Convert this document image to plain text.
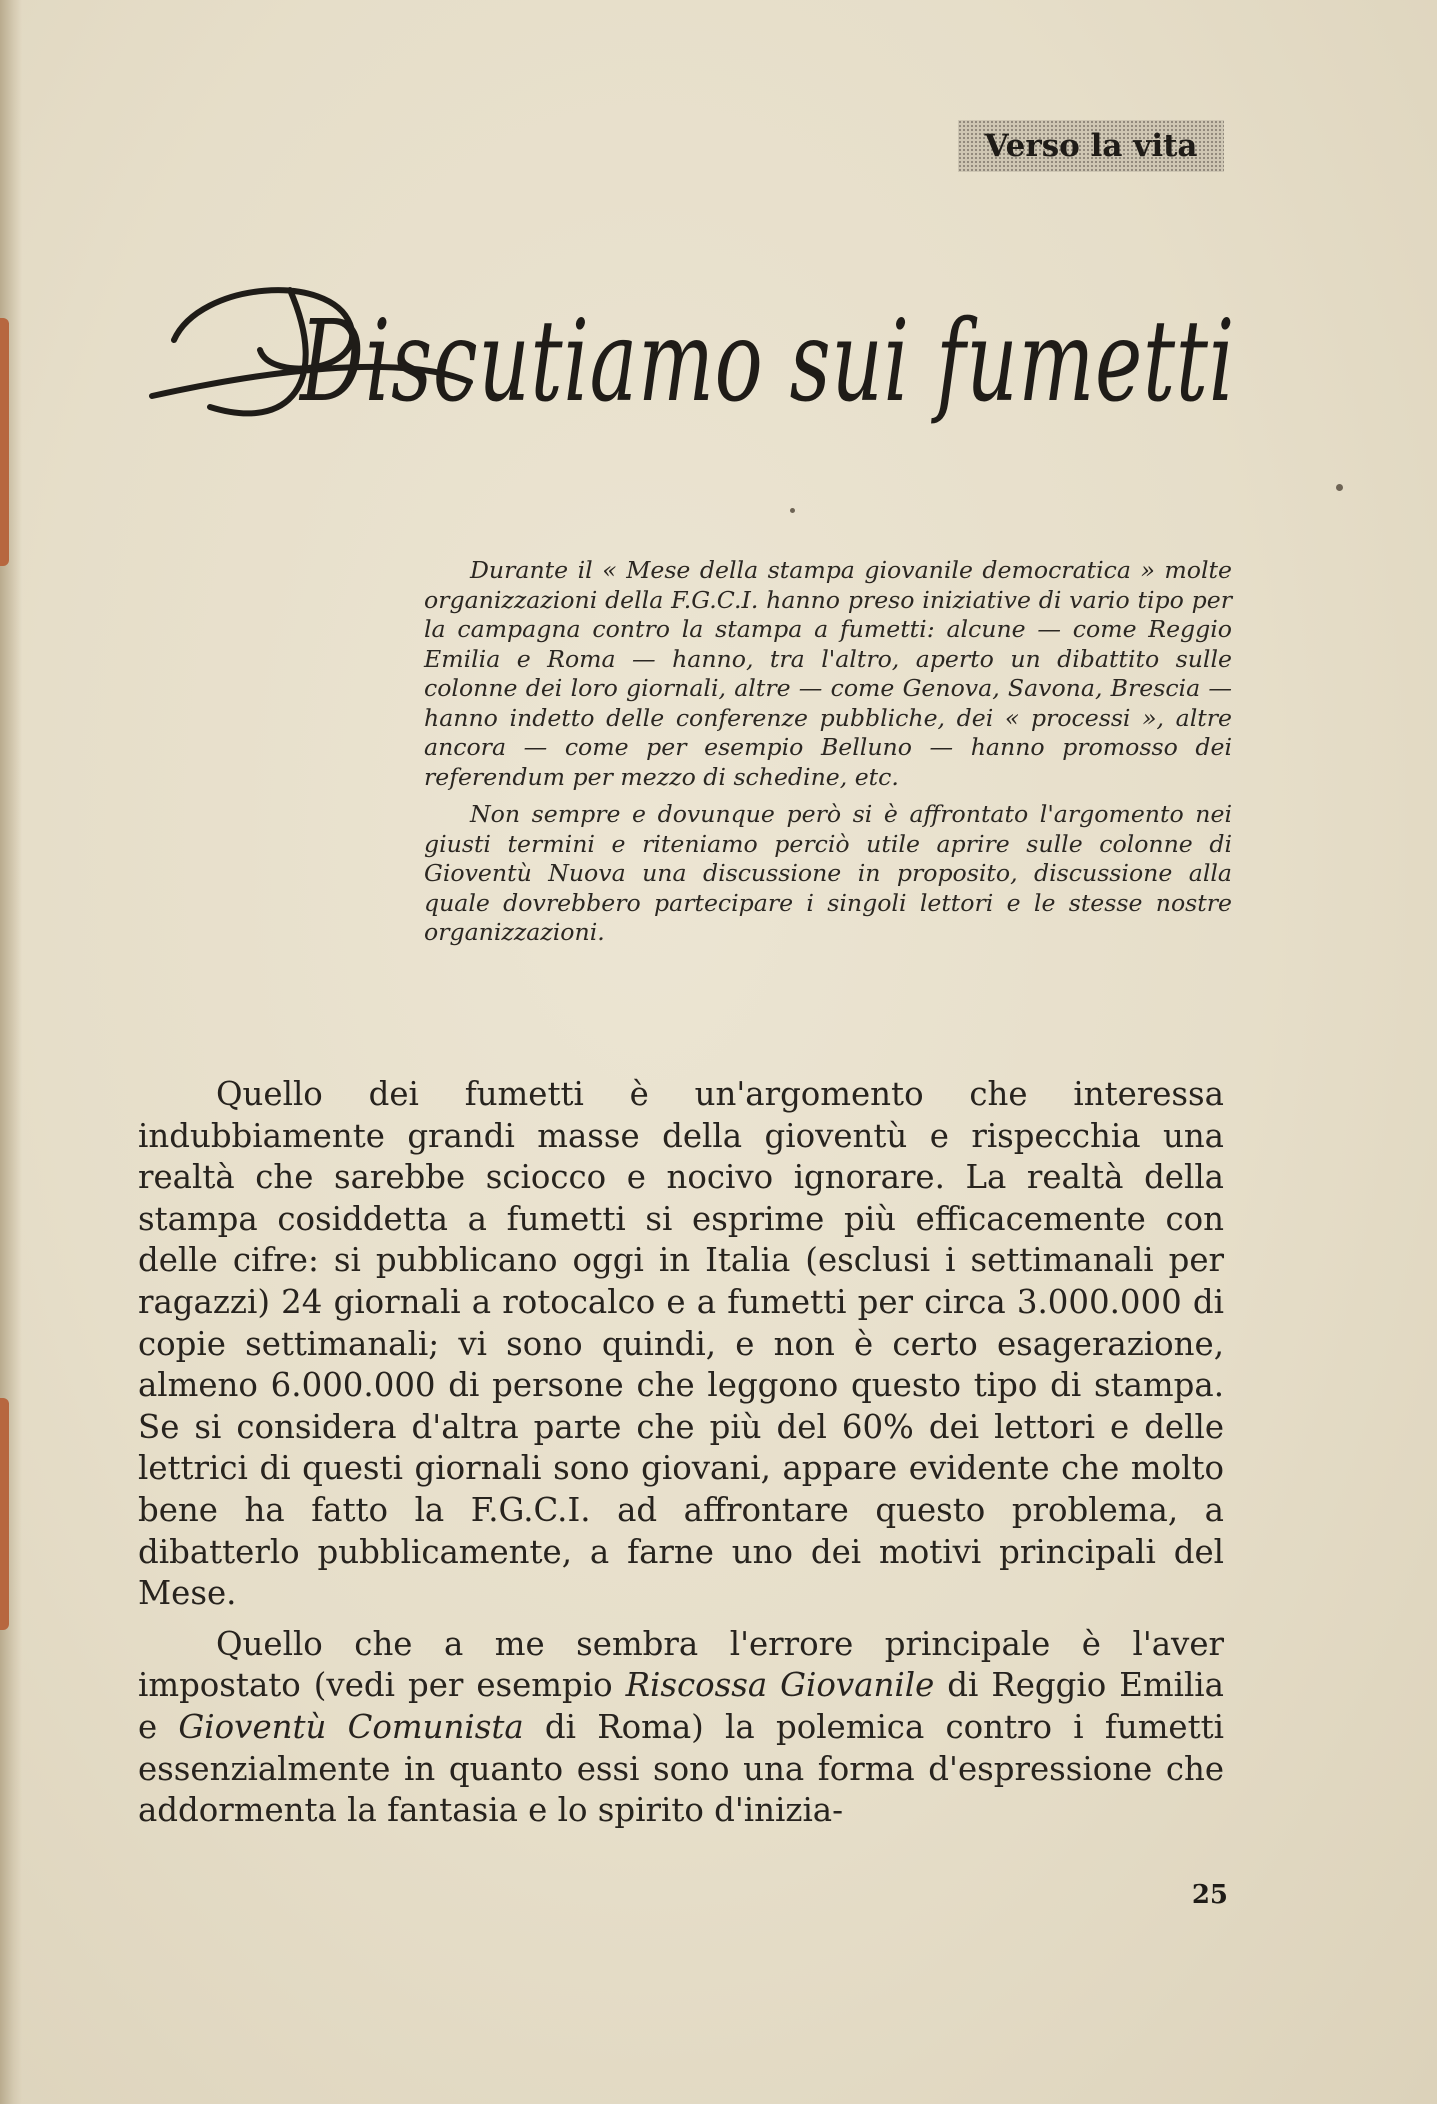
Verso la vita
Discutiamo sui fumetti

Durante il « Mese della stampa giovanile democratica » molte organizzazioni della F.G.C.I. hanno preso iniziative di vario tipo per la campagna contro la stampa a fumetti: alcune — come Reggio Emilia e Roma — hanno, tra l'altro, aperto un dibattito sulle colonne dei loro giornali, altre — come Genova, Savona, Brescia — hanno indetto delle conferenze pubbliche, dei « processi », altre ancora — come per esempio Belluno — hanno promosso dei referendum per mezzo di schedine, etc.

Non sempre e dovunque però si è affrontato l'argomento nei giusti termini e riteniamo perciò utile aprire sulle colonne di Gioventù Nuova una discussione in proposito, discussione alla quale dovrebbero partecipare i singoli lettori e le stesse nostre organizzazioni.

Quello dei fumetti è un'argomento che interessa indubbiamente grandi masse della gioventù e rispecchia una realtà che sarebbe sciocco e nocivo ignorare. La realtà della stampa cosiddetta a fumetti si esprime più efficacemente con delle cifre: si pubblicano oggi in Italia (esclusi i settimanali per ragazzi) 24 giornali a rotocalco e a fumetti per circa 3.000.000 di copie settimanali; vi sono quindi, e non è certo esagerazione, almeno 6.000.000 di persone che leggono questo tipo di stampa. Se si considera d'altra parte che più del 60% dei lettori e delle lettrici di questi giornali sono giovani, appare evidente che molto bene ha fatto la F.G.C.I. ad affrontare questo problema, a dibatterlo pubblicamente, a farne uno dei motivi principali del Mese.

Quello che a me sembra l'errore principale è l'aver impostato (vedi per esempio Riscossa Giovanile di Reggio Emilia e Gioventù Comunista di Roma) la polemica contro i fumetti essenzialmente in quanto essi sono una forma d'espressione che addormenta la fantasia e lo spirito d'inizia-

25
